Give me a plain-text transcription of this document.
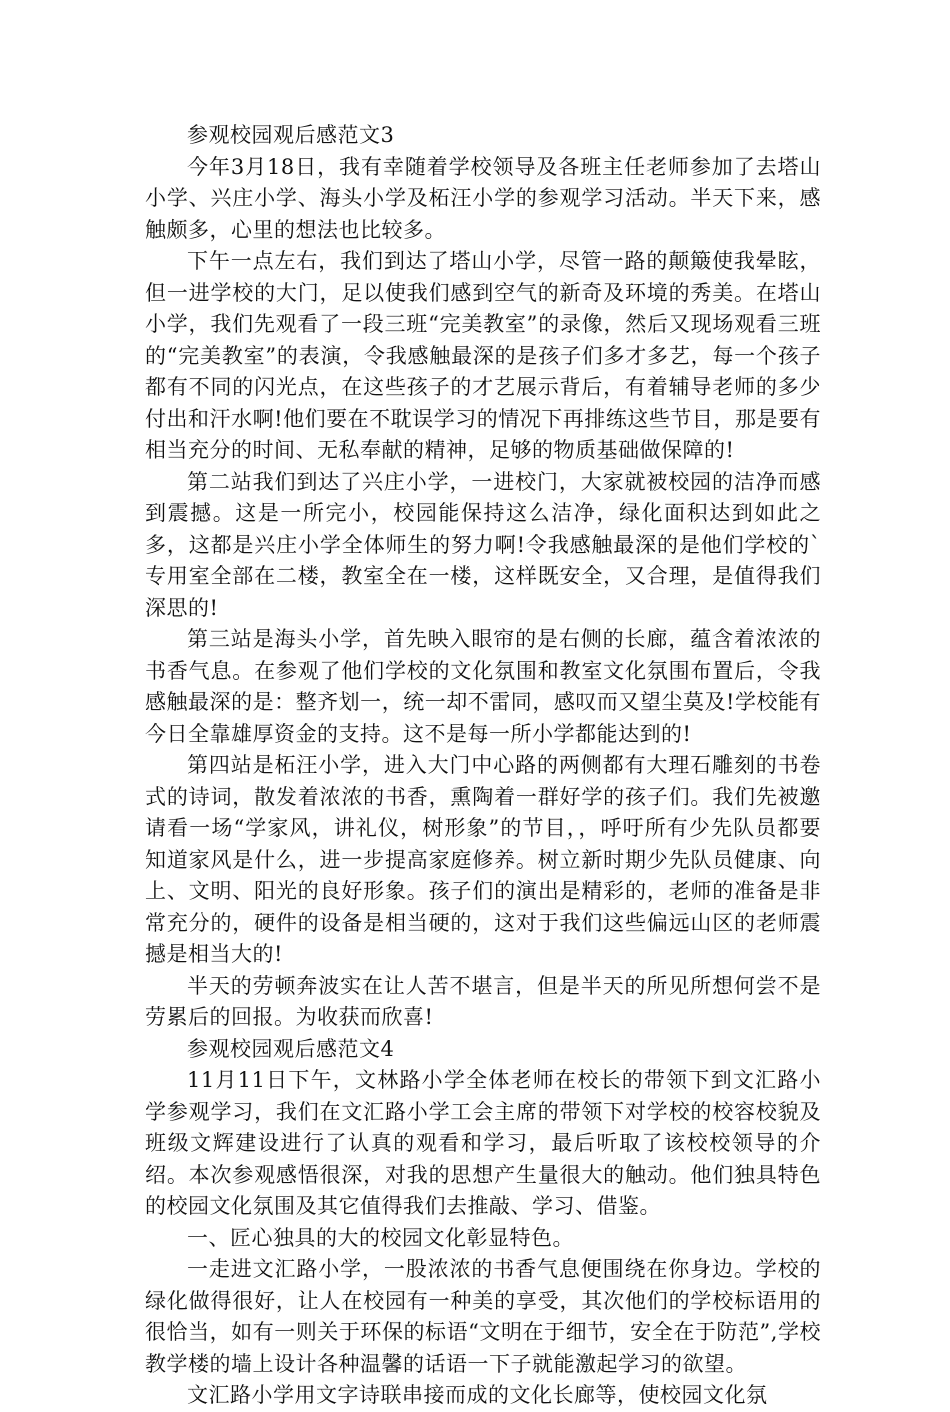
参观校园观后感范文3

今年3月18日，我有幸随着学校领导及各班主任老师参加了去塔山小学、兴庄小学、海头小学及柘汪小学的参观学习活动。半天下来，感触颇多，心里的想法也比较多。

下午一点左右，我们到达了塔山小学，尽管一路的颠簸使我晕眩，但一进学校的大门，足以使我们感到空气的新奇及环境的秀美。在塔山小学，我们先观看了一段三班“完美教室”的录像，然后又现场观看三班的“完美教室”的表演，令我感触最深的是孩子们多才多艺，每一个孩子都有不同的闪光点，在这些孩子的才艺展示背后，有着辅导老师的多少付出和汗水啊!他们要在不耽误学习的情况下再排练这些节目，那是要有相当充分的时间、无私奉献的精神，足够的物质基础做保障的!

第二站我们到达了兴庄小学，一进校门，大家就被校园的洁净而感到震撼。这是一所完小，校园能保持这么洁净，绿化面积达到如此之多，这都是兴庄小学全体师生的努力啊!令我感触最深的是他们学校的`专用室全部在二楼，教室全在一楼，这样既安全，又合理，是值得我们深思的!

第三站是海头小学，首先映入眼帘的是右侧的长廊，蕴含着浓浓的书香气息。在参观了他们学校的文化氛围和教室文化氛围布置后，令我感触最深的是：整齐划一，统一却不雷同，感叹而又望尘莫及!学校能有今日全靠雄厚资金的支持。这不是每一所小学都能达到的!

第四站是柘汪小学，进入大门中心路的两侧都有大理石雕刻的书卷式的诗词，散发着浓浓的书香，熏陶着一群好学的孩子们。我们先被邀请看一场“学家风，讲礼仪，树形象”的节目，，呼吁所有少先队员都要知道家风是什么，进一步提高家庭修养。树立新时期少先队员健康、向上、文明、阳光的良好形象。孩子们的演出是精彩的，老师的准备是非常充分的，硬件的设备是相当硬的，这对于我们这些偏远山区的老师震撼是相当大的!

半天的劳顿奔波实在让人苦不堪言，但是半天的所见所想何尝不是劳累后的回报。为收获而欣喜!

参观校园观后感范文4

11月11日下午，文林路小学全体老师在校长的带领下到文汇路小学参观学习，我们在文汇路小学工会主席的带领下对学校的校容校貌及班级文辉建设进行了认真的观看和学习，最后听取了该校校领导的介绍。本次参观感悟很深，对我的思想产生量很大的触动。他们独具特色的校园文化氛围及其它值得我们去推敲、学习、借鉴。

一、匠心独具的大的校园文化彰显特色。

一走进文汇路小学，一股浓浓的书香气息便围绕在你身边。学校的绿化做得很好，让人在校园有一种美的享受，其次他们的学校标语用的很恰当，如有一则关于环保的标语“文明在于细节，安全在于防范”,学校教学楼的墙上设计各种温馨的话语一下子就能激起学习的欲望。

文汇路小学用文字诗联串接而成的文化长廊等，使校园文化氛
